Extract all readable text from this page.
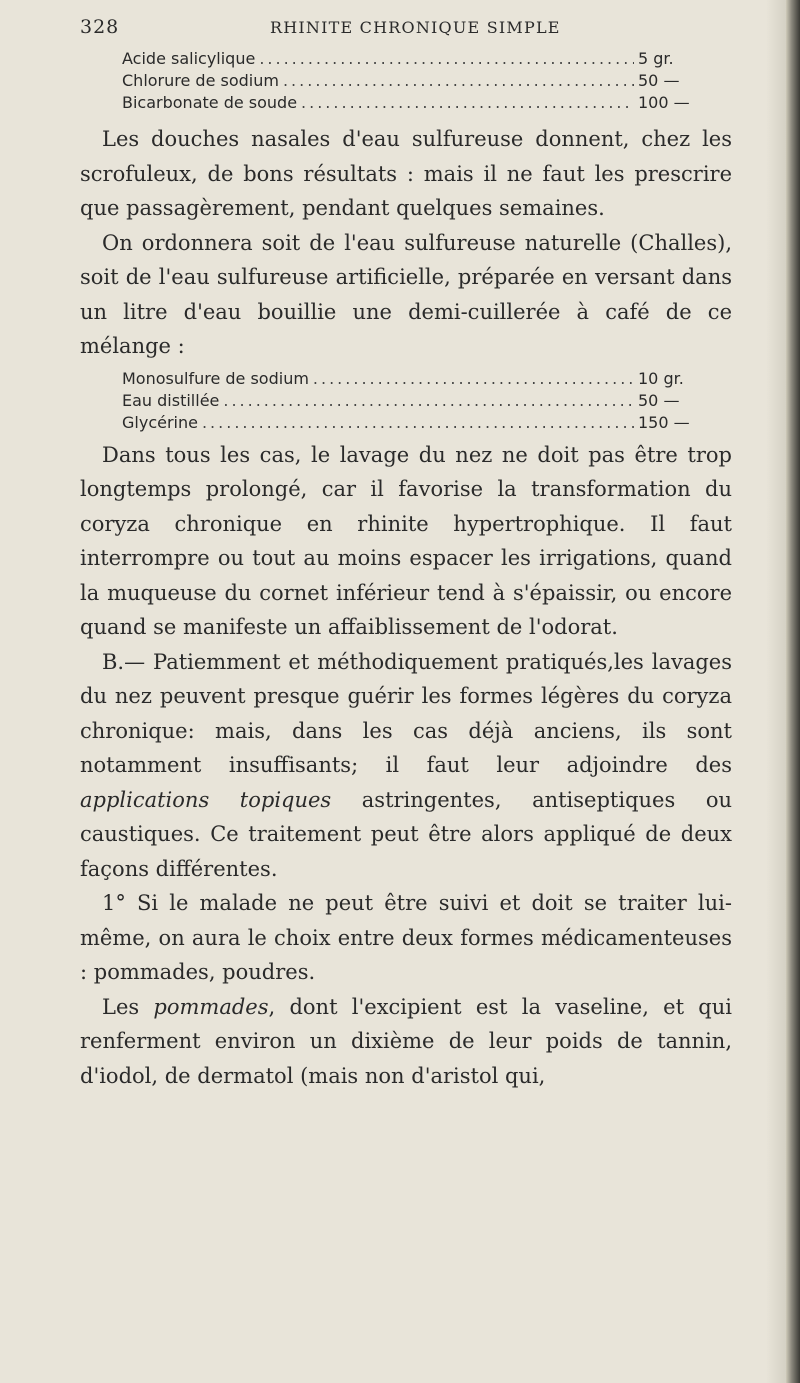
328	RHINITE CHRONIQUE SIMPLE
Acide salicylique .....	5 gr.
Chlorure de sodium .....	50 —
Bicarbonate de soude .....	100 —

Les douches nasales d'eau sulfureuse donnent, chez les scrofuleux, de bons résultats : mais il ne faut les prescrire que passagèrement, pendant quelques semaines.

On ordonnera soit de l'eau sulfureuse naturelle (Challes), soit de l'eau sulfureuse artificielle, préparée en versant dans un litre d'eau bouillie une demi-cuillerée à café de ce mélange :

Monosulfure de sodium .....	10 gr.
Eau distillée .....	50 —
Glycérine .....	150 —

Dans tous les cas, le lavage du nez ne doit pas être trop longtemps prolongé, car il favorise la transformation du coryza chronique en rhinite hypertrophique. Il faut interrompre ou tout au moins espacer les irrigations, quand la muqueuse du cornet inférieur tend à s'épaissir, ou encore quand se manifeste un affaiblissement de l'odorat.

B.— Patiemment et méthodiquement pratiqués,les lavages du nez peuvent presque guérir les formes légères du coryza chronique: mais, dans les cas déjà anciens, ils sont notamment insuffisants; il faut leur adjoindre des applications topiques astringentes, antiseptiques ou caustiques. Ce traitement peut être alors appliqué de deux façons différentes.

1° Si le malade ne peut être suivi et doit se traiter lui-même, on aura le choix entre deux formes médicamenteuses : pommades, poudres.

Les pommades, dont l'excipient est la vaseline, et qui renferment environ un dixième de leur poids de tannin, d'iodol, de dermatol (mais non d'aristol qui,
